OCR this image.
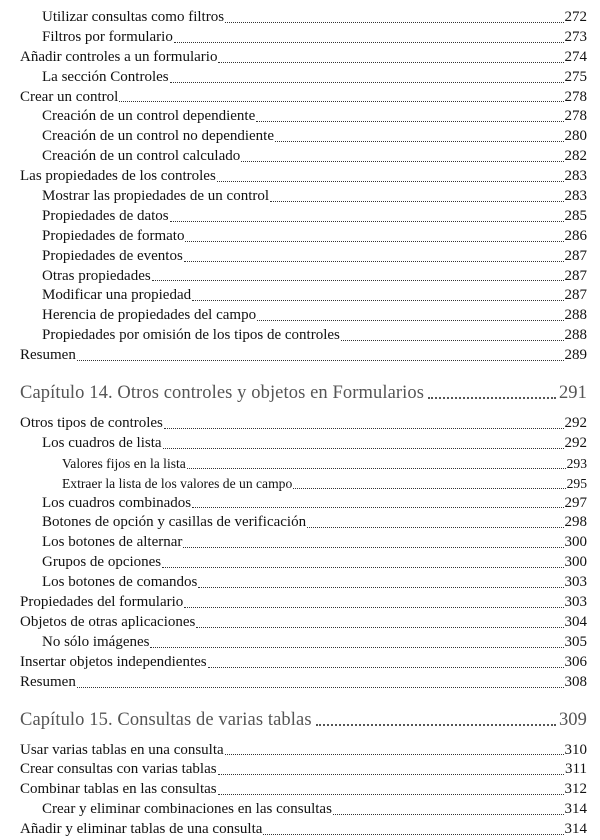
Utilizar consultas como filtros	272
Filtros por formulario	273
Añadir controles a un formulario	274
La sección Controles	275
Crear un control	278
Creación de un control dependiente	278
Creación de un control no dependiente	280
Creación de un control calculado	282
Las propiedades de los controles	283
Mostrar las propiedades de un control	283
Propiedades de datos	285
Propiedades de formato	286
Propiedades de eventos	287
Otras propiedades	287
Modificar una propiedad	287
Herencia de propiedades del campo	288
Propiedades por omisión de los tipos de controles	288
Resumen	289
Capítulo 14. Otros controles y objetos en Formularios	291
Otros tipos de controles	292
Los cuadros de lista	292
Valores fijos en la lista	293
Extraer la lista de los valores de un campo	295
Los cuadros combinados	297
Botones de opción y casillas de verificación	298
Los botones de alternar	300
Grupos de opciones	300
Los botones de comandos	303
Propiedades del formulario	303
Objetos de otras aplicaciones	304
No sólo imágenes	305
Insertar objetos independientes	306
Resumen	308
Capítulo 15. Consultas de varias tablas	309
Usar varias tablas en una consulta	310
Crear consultas con varias tablas	311
Combinar tablas en las consultas	312
Crear y eliminar combinaciones en las consultas	314
Añadir y eliminar tablas de una consulta	314
